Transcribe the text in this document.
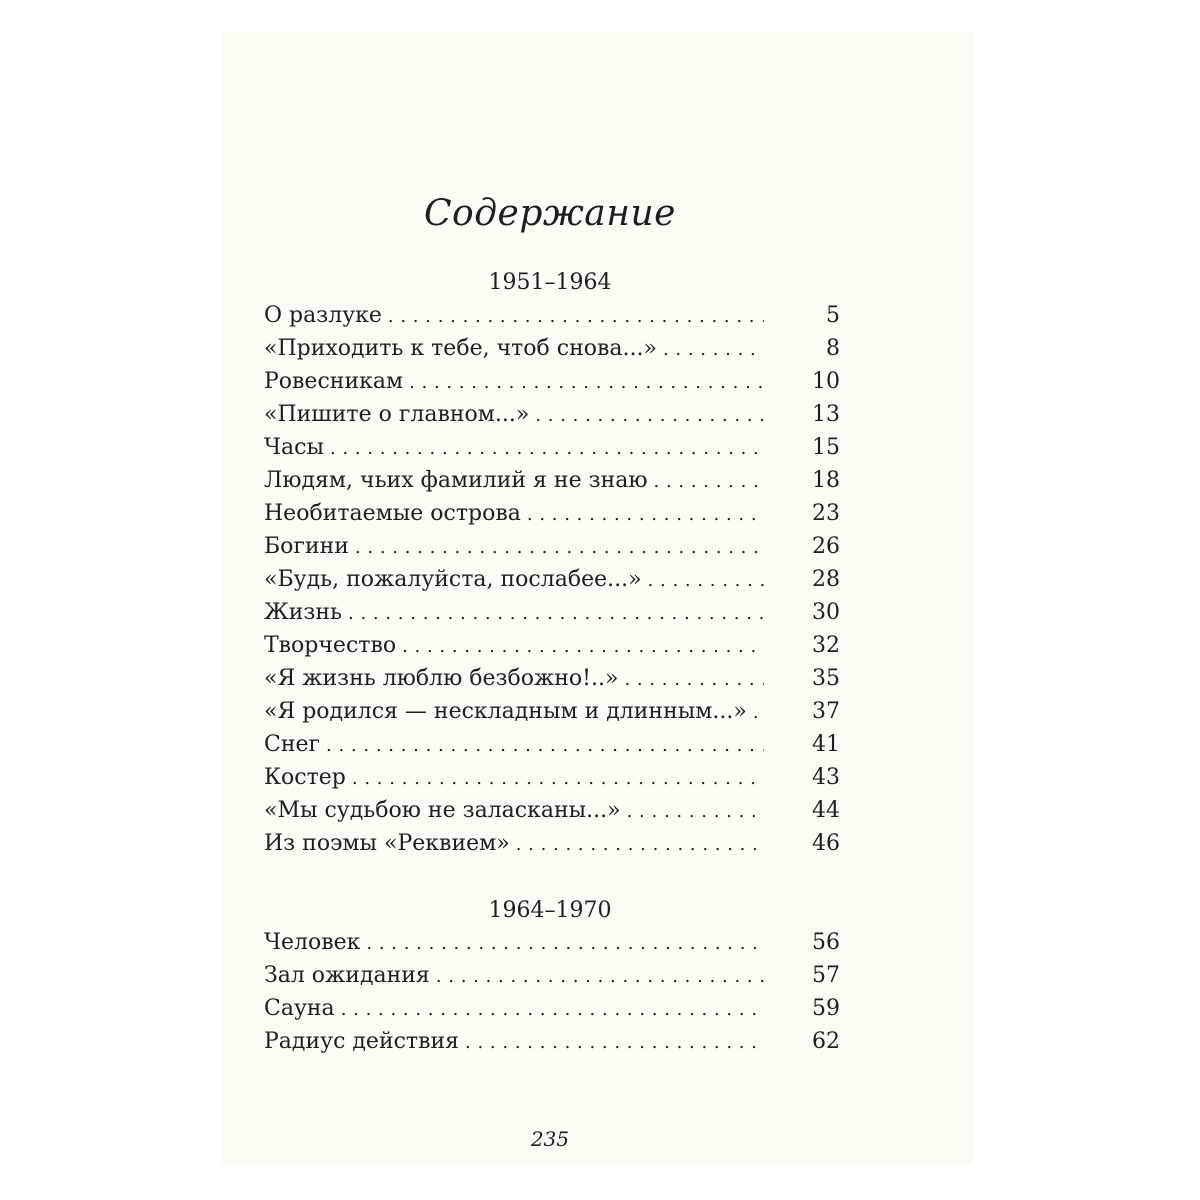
Содержание
1951–1964
О разлуке . . .	5
«Приходить к тебе, чтоб снова...» . . .	8
Ровесникам . . .	10
«Пишите о главном...» . . .	13
Часы . . .	15
Людям, чьих фамилий я не знаю . . .	18
Необитаемые острова . . .	23
Богини . . .	26
«Будь, пожалуйста, послабее...» . . .	28
Жизнь . . .	30
Творчество . . .	32
«Я жизнь люблю безбожно!..» . . .	35
«Я родился — нескладным и длинным...» . . .	37
Снег . . .	41
Костер . . .	43
«Мы судьбою не заласканы...» . . .	44
Из поэмы «Реквием» . . .	46
1964–1970
Человек . . .	56
Зал ожидания . . .	57
Сауна . . .	59
Радиус действия . . .	62
235
